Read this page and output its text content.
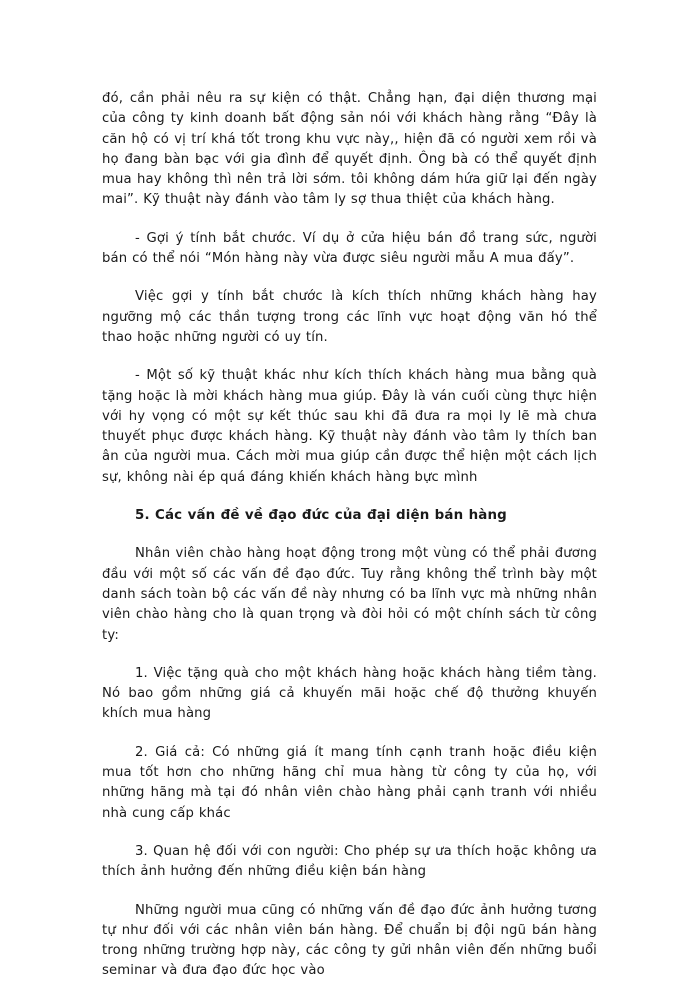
đó, cần phải nêu ra sự kiện có thật. Chẳng hạn, đại diện thương mại của công ty kinh doanh bất động sản nói với khách hàng rằng “Đây là căn hộ có vị trí khá tốt trong khu vực này,, hiện đã có người xem rồi và họ đang bàn bạc với gia đình để quyết định. Ông bà có thể quyết định mua hay không thì nên trả lời sớm. tôi không dám hứa giữ lại đến ngày mai”. Kỹ thuật này đánh vào tâm ly sợ thua thiệt của khách hàng.

- Gợi ý tính bắt chước. Ví dụ ở cửa hiệu bán đồ trang sức, người bán có thể nói “Món hàng này vừa được siêu người mẫu A mua đấy”.

Việc gợi y tính bắt chước là kích thích những khách hàng hay ngưỡng mộ các thần tượng trong các lĩnh vực hoạt động văn hó thể thao hoặc những người có uy tín.

- Một số kỹ thuật khác như kích thích khách hàng mua bằng quà tặng hoặc là mời khách hàng mua giúp. Đây là ván cuối cùng thực hiện với hy vọng có một sự kết thúc sau khi đã đưa ra mọi ly lẽ mà chưa thuyết phục được khách hàng. Kỹ thuật này đánh vào tâm ly thích ban ân của người mua. Cách mời mua giúp cần được thể hiện một cách lịch sự, không nài ép quá đáng khiến khách hàng bực mình

5. Các vấn đề về đạo đức của đại diện bán hàng

Nhân viên chào hàng hoạt động trong một vùng có thể phải đương đầu với một số các vấn đề đạo đức. Tuy rằng không thể trình bày một danh sách toàn bộ các vấn đề này nhưng có ba lĩnh vực mà những nhân viên chào hàng cho là quan trọng và đòi hỏi có một chính sách từ công ty:

1. Việc tặng quà cho một khách hàng hoặc khách hàng tiềm tàng. Nó bao gồm những giá cả khuyến mãi hoặc chế độ thưởng khuyến khích mua hàng

2. Giá cả: Có những giá ít mang tính cạnh tranh hoặc điều kiện mua tốt hơn cho những hãng chỉ mua hàng từ công ty của họ, với những hãng mà tại đó nhân viên chào hàng phải cạnh tranh với nhiều nhà cung cấp khác

3. Quan hệ đối với con người: Cho phép sự ưa thích hoặc không ưa thích ảnh hưởng đến những điều kiện bán hàng

Những người mua cũng có những vấn đề đạo đức ảnh hưởng tương tự như đối với các nhân viên bán hàng. Để chuẩn bị đội ngũ bán hàng trong những trường hợp này, các công ty gửi nhân viên đến những buổi seminar và đưa đạo đức học vào
